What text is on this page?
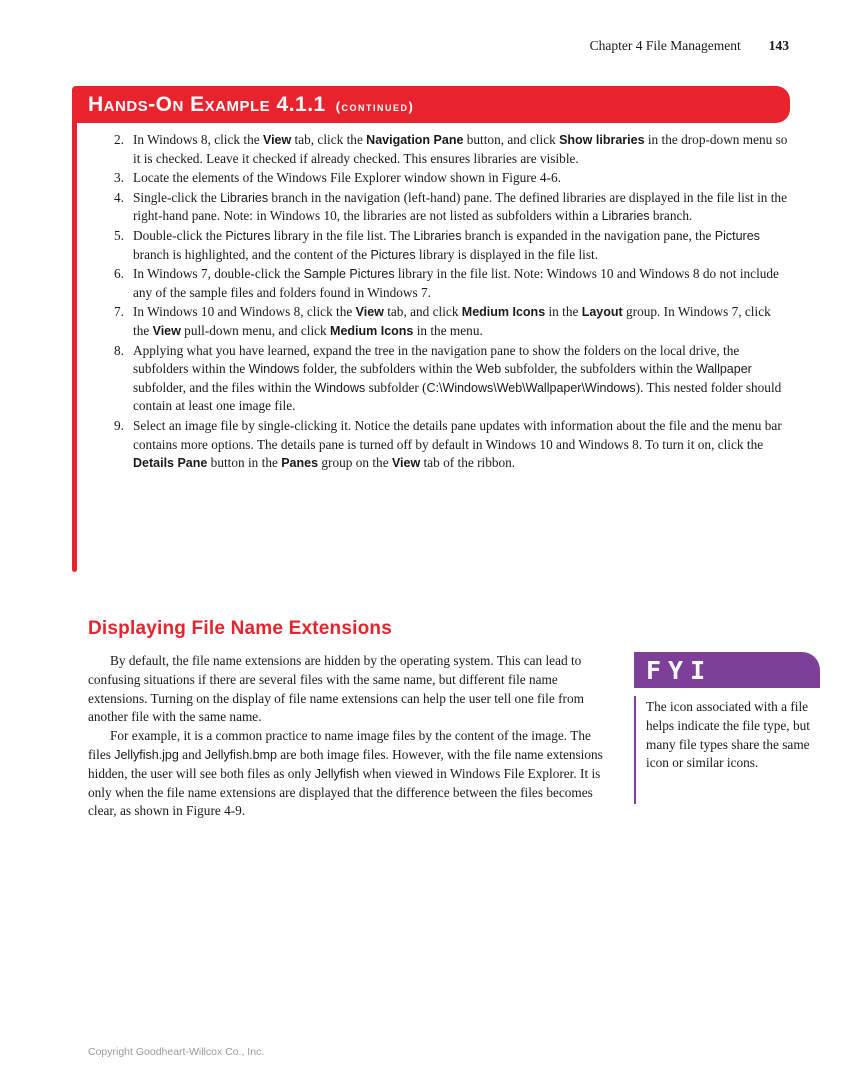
Chapter 4 File Management 143
Hands-On Example 4.1.1 (continued)
2. In Windows 8, click the View tab, click the Navigation Pane button, and click Show libraries in the drop-down menu so it is checked. Leave it checked if already checked. This ensures libraries are visible.
3. Locate the elements of the Windows File Explorer window shown in Figure 4-6.
4. Single-click the Libraries branch in the navigation (left-hand) pane. The defined libraries are displayed in the file list in the right-hand pane. Note: in Windows 10, the libraries are not listed as subfolders within a Libraries branch.
5. Double-click the Pictures library in the file list. The Libraries branch is expanded in the navigation pane, the Pictures branch is highlighted, and the content of the Pictures library is displayed in the file list.
6. In Windows 7, double-click the Sample Pictures library in the file list. Note: Windows 10 and Windows 8 do not include any of the sample files and folders found in Windows 7.
7. In Windows 10 and Windows 8, click the View tab, and click Medium Icons in the Layout group. In Windows 7, click the View pull-down menu, and click Medium Icons in the menu.
8. Applying what you have learned, expand the tree in the navigation pane to show the folders on the local drive, the subfolders within the Windows folder, the subfolders within the Web subfolder, the subfolders within the Wallpaper subfolder, and the files within the Windows subfolder (C:\Windows\Web\Wallpaper\Windows). This nested folder should contain at least one image file.
9. Select an image file by single-clicking it. Notice the details pane updates with information about the file and the menu bar contains more options. The details pane is turned off by default in Windows 10 and Windows 8. To turn it on, click the Details Pane button in the Panes group on the View tab of the ribbon.
Displaying File Name Extensions

By default, the file name extensions are hidden by the operating system. This can lead to confusing situations if there are several files with the same name, but different file name extensions. Turning on the display of file name extensions can help the user tell one file from another file with the same name.

For example, it is a common practice to name image files by the content of the image. The files Jellyfish.jpg and Jellyfish.bmp are both image files. However, with the file name extensions hidden, the user will see both files as only Jellyfish when viewed in Windows File Explorer. It is only when the file name extensions are displayed that the difference between the files becomes clear, as shown in Figure 4-9.

FYI
The icon associated with a file helps indicate the file type, but many file types share the same icon or similar icons.
Copyright Goodheart-Willcox Co., Inc.
